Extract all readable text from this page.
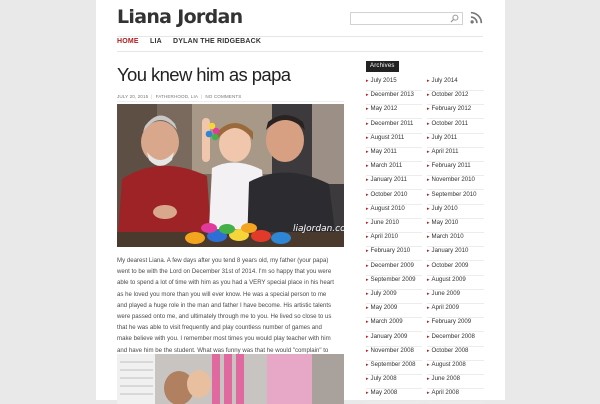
Liana Jordan
HOME LIA DYLAN THE RIDGEBACK
You knew him as papa
JULY 20, 2015 | FATHERHOOD, LIA | NO COMMENTS
liaJordan.com
My dearest Liana. A few days after you tend 8 years old, my father (your papa)
went to be with the Lord on December 31st of 2014. I'm so happy that you were
able to spend a lot of time with him as you had a VERY special place in his heart
as he loved you more than you will ever know. He was a special person to me
and played a huge role in the man and father I have become. His artistic talents
were passed onto me, and ultimately through me to you. He lived so close to us
that he was able to visit frequently and play countless number of games and
make believe with you. I remember most times you would play teacher with him
and have him be the student. What was funny was that he would "complain" to
Archives
▸ July 2015
▸ December 2013
▸ May 2012
▸ December 2011
▸ August 2011
▸ May 2011
▸ March 2011
▸ January 2011
▸ October 2010
▸ August 2010
▸ June 2010
▸ April 2010
▸ February 2010
▸ December 2009
▸ September 2009
▸ July 2009
▸ May 2009
▸ March 2009
▸ January 2009
▸ November 2008
▸ September 2008
▸ July 2008
▸ May 2008
▸ July 2014
▸ October 2012
▸ February 2012
▸ October 2011
▸ July 2011
▸ April 2011
▸ February 2011
▸ November 2010
▸ September 2010
▸ July 2010
▸ May 2010
▸ March 2010
▸ January 2010
▸ October 2009
▸ August 2009
▸ June 2009
▸ April 2009
▸ February 2009
▸ December 2008
▸ October 2008
▸ August 2008
▸ June 2008
▸ April 2008
